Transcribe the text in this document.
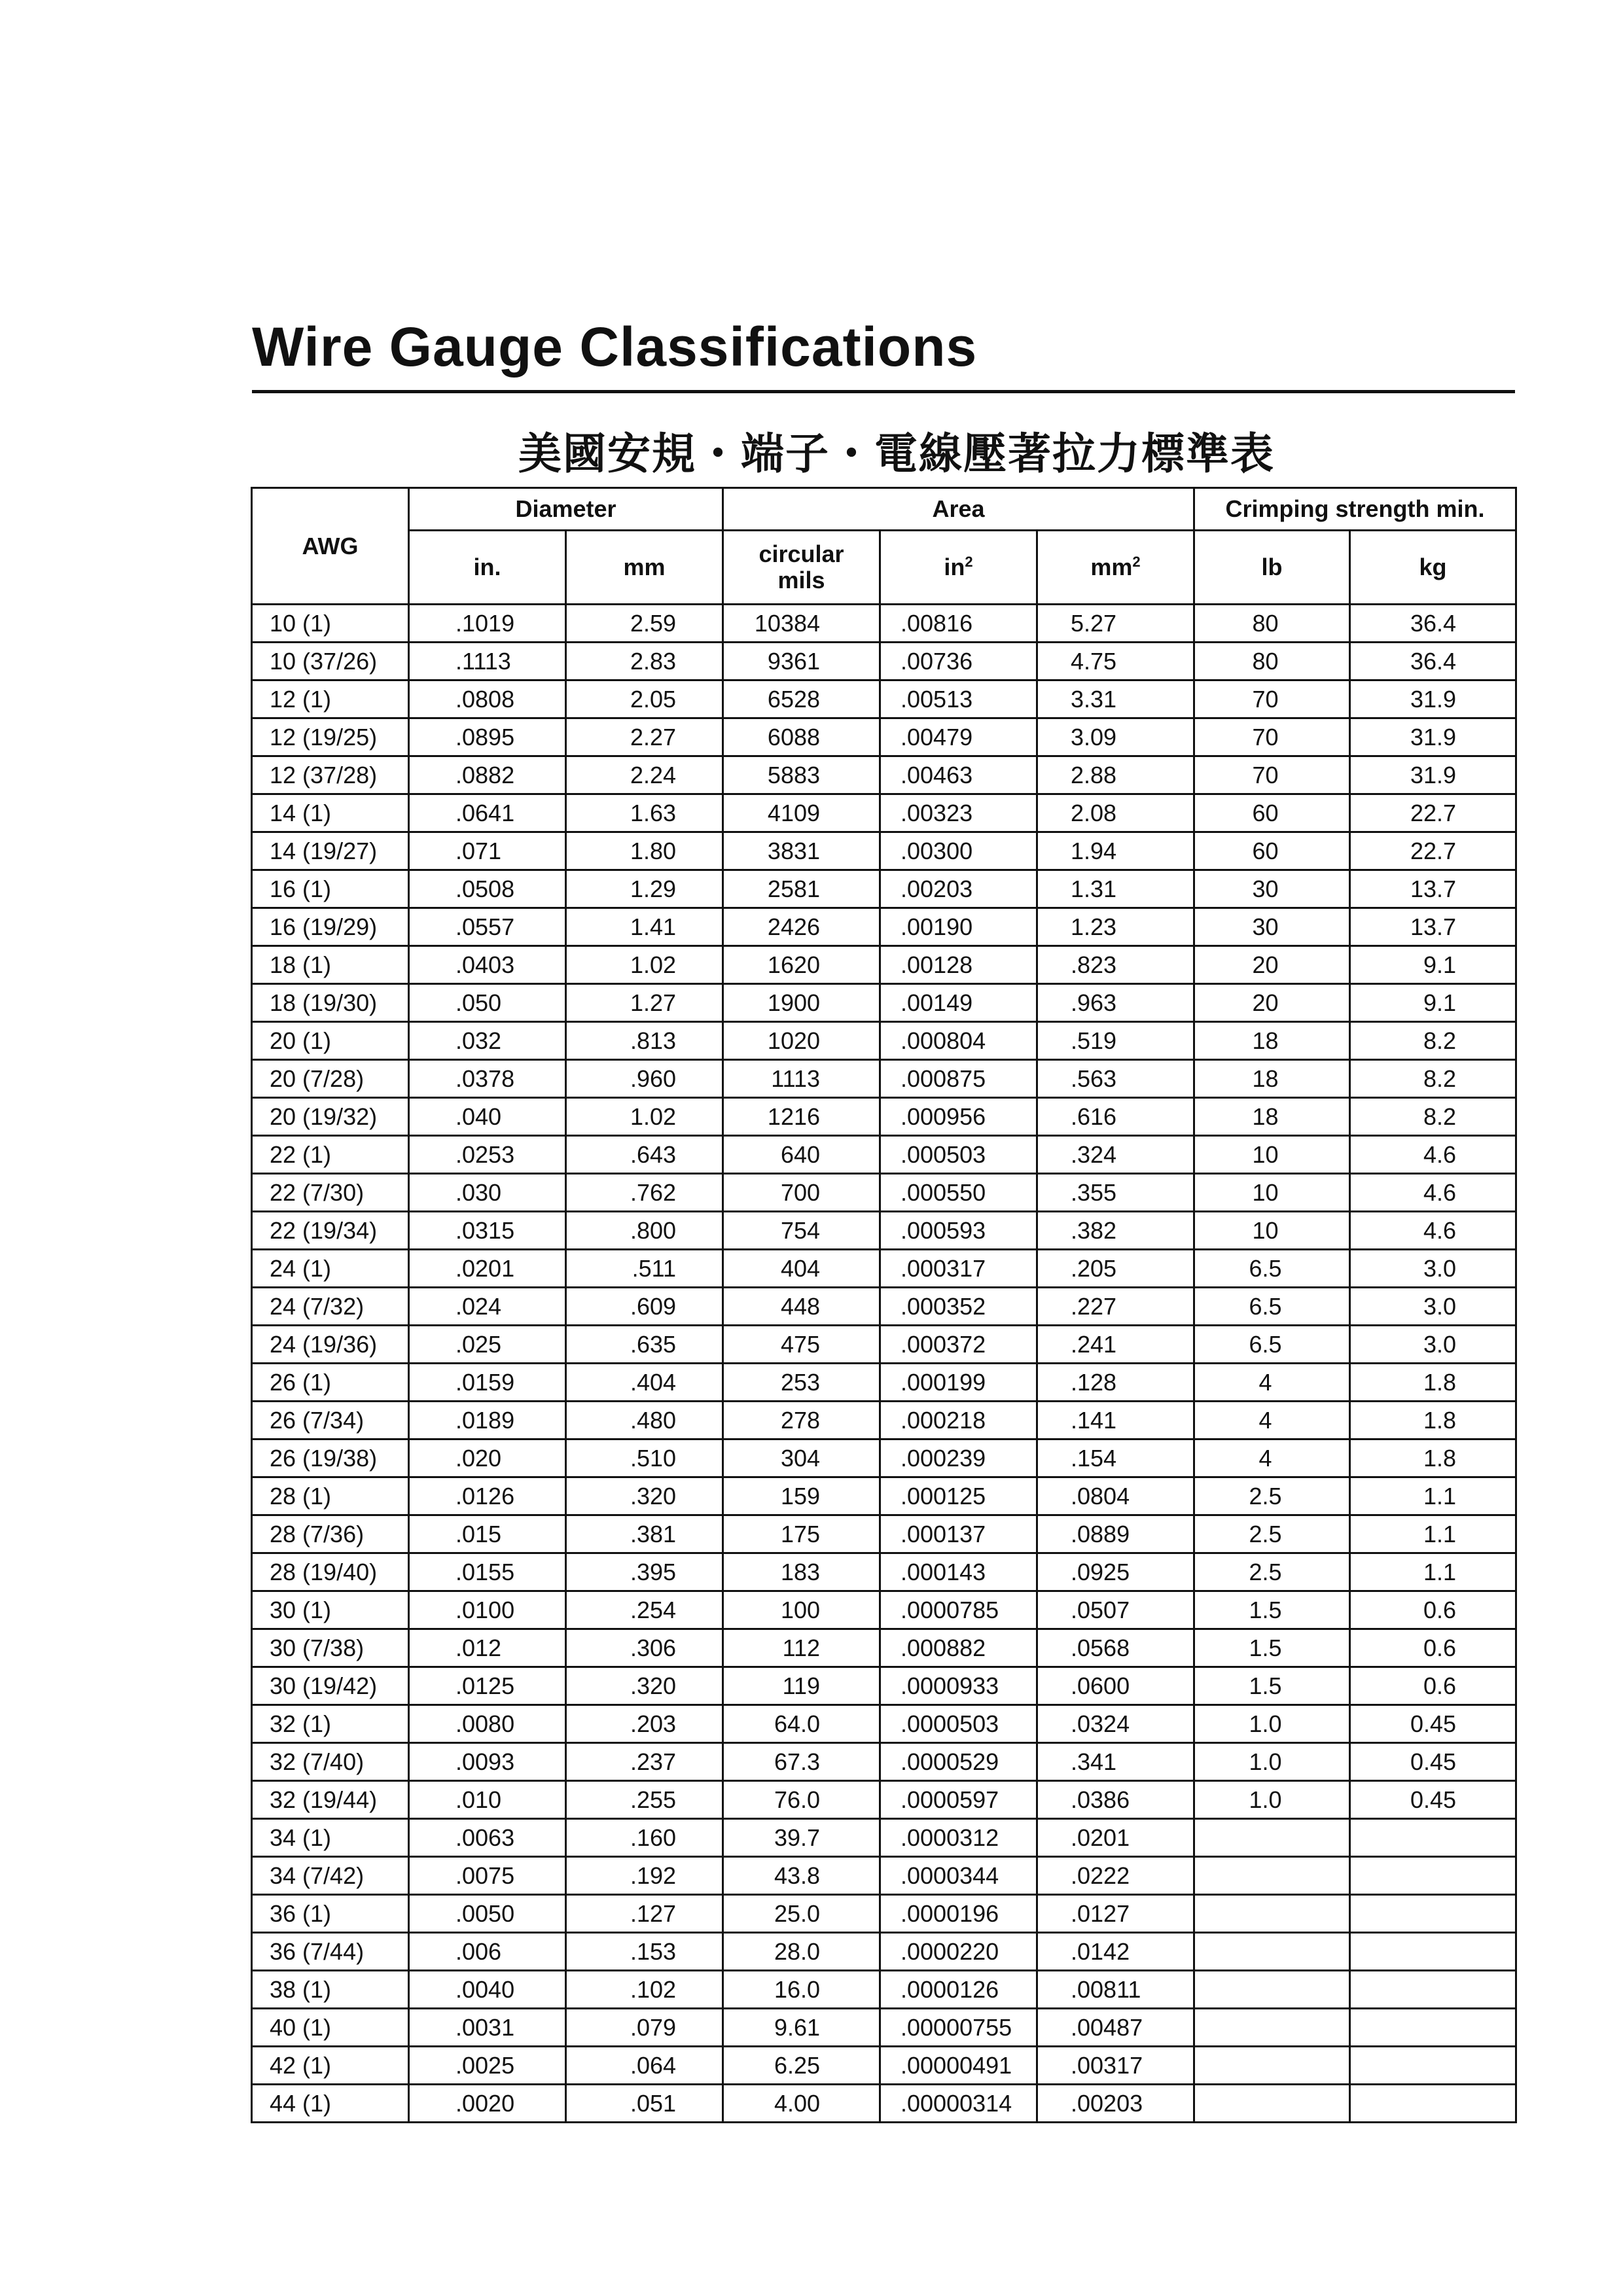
Wire Gauge Classifications
美國安規・端子・電線壓著拉力標準表
AWG	Diameter		Area			Crimping strength min.	
	in.	mm	circular mils	$in^2$	$mm^2$	lb	kg
10 (1)	.1019	2.59	10384	.00816	5.27	80	36.4
10 (37/26)	.1113	2.83	9361	.00736	4.75	80	36.4
12 (1)	.0808	2.05	6528	.00513	3.31	70	31.9
12 (19/25)	.0895	2.27	6088	.00479	3.09	70	31.9
12 (37/28)	.0882	2.24	5883	.00463	2.88	70	31.9
14 (1)	.0641	1.63	4109	.00323	2.08	60	22.7
14 (19/27)	.071	1.80	3831	.00300	1.94	60	22.7
16 (1)	.0508	1.29	2581	.00203	1.31	30	13.7
16 (19/29)	.0557	1.41	2426	.00190	1.23	30	13.7
18 (1)	.0403	1.02	1620	.00128	.823	20	9.1
18 (19/30)	.050	1.27	1900	.00149	.963	20	9.1
20 (1)	.032	.813	1020	.000804	.519	18	8.2
20 (7/28)	.0378	.960	1113	.000875	.563	18	8.2
20 (19/32)	.040	1.02	1216	.000956	.616	18	8.2
22 (1)	.0253	.643	640	.000503	.324	10	4.6
22 (7/30)	.030	.762	700	.000550	.355	10	4.6
22 (19/34)	.0315	.800	754	.000593	.382	10	4.6
24 (1)	.0201	.511	404	.000317	.205	6.5	3.0
24 (7/32)	.024	.609	448	.000352	.227	6.5	3.0
24 (19/36)	.025	.635	475	.000372	.241	6.5	3.0
26 (1)	.0159	.404	253	.000199	.128	4	1.8
26 (7/34)	.0189	.480	278	.000218	.141	4	1.8
26 (19/38)	.020	.510	304	.000239	.154	4	1.8
28 (1)	.0126	.320	159	.000125	.0804	2.5	1.1
28 (7/36)	.015	.381	175	.000137	.0889	2.5	1.1
28 (19/40)	.0155	.395	183	.000143	.0925	2.5	1.1
30 (1)	.0100	.254	100	.0000785	.0507	1.5	0.6
30 (7/38)	.012	.306	112	.000882	.0568	1.5	0.6
30 (19/42)	.0125	.320	119	.0000933	.0600	1.5	0.6
32 (1)	.0080	.203	64.0	.0000503	.0324	1.0	0.45
32 (7/40)	.0093	.237	67.3	.0000529	.341	1.0	0.45
32 (19/44)	.010	.255	76.0	.0000597	.0386	1.0	0.45
34 (1)	.0063	.160	39.7	.0000312	.0201		
34 (7/42)	.0075	.192	43.8	.0000344	.0222		
36 (1)	.0050	.127	25.0	.0000196	.0127		
36 (7/44)	.006	.153	28.0	.0000220	.0142		
38 (1)	.0040	.102	16.0	.0000126	.00811		
40 (1)	.0031	.079	9.61	.00000755	.00487		
42 (1)	.0025	.064	6.25	.00000491	.00317		
44 (1)	.0020	.051	4.00	.00000314	.00203		
